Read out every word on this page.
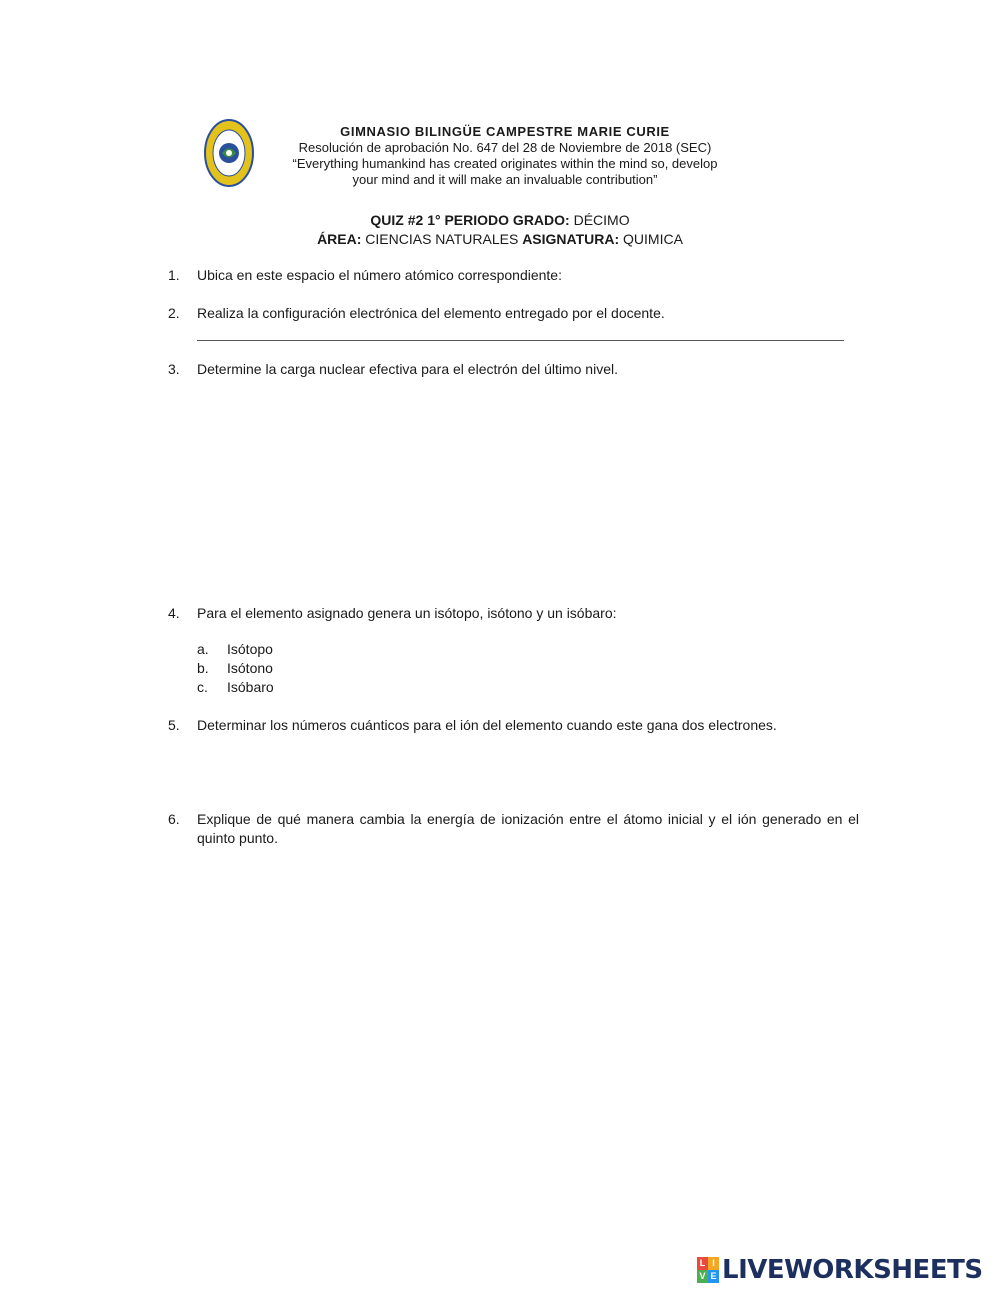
GIMNASIO BILINGÜE CAMPESTRE MARIE CURIE
Resolución de aprobación No. 647 del 28 de Noviembre de 2018 (SEC)
“Everything humankind has created originates within the mind so, develop
your mind and it will make an invaluable contribution”
QUIZ #2 1° PERIODO GRADO: DÉCIMO
ÁREA: CIENCIAS NATURALES ASIGNATURA: QUIMICA
1.	Ubica en este espacio el número atómico correspondiente:
2.	Realiza la configuración electrónica del elemento entregado por el docente.
3.	Determine la carga nuclear efectiva para el electrón del último nivel.
4.	Para el elemento asignado genera un isótopo, isótono y un isóbaro:
a.	Isótopo
b.	Isótono
c.	Isóbaro
5.	Determinar los números cuánticos para el ión del elemento cuando este gana dos electrones.
6.	Explique de qué manera cambia la energía de ionización entre el átomo inicial y el ión generado en el quinto punto.
L I
V E LIVEWORKSHEETS
